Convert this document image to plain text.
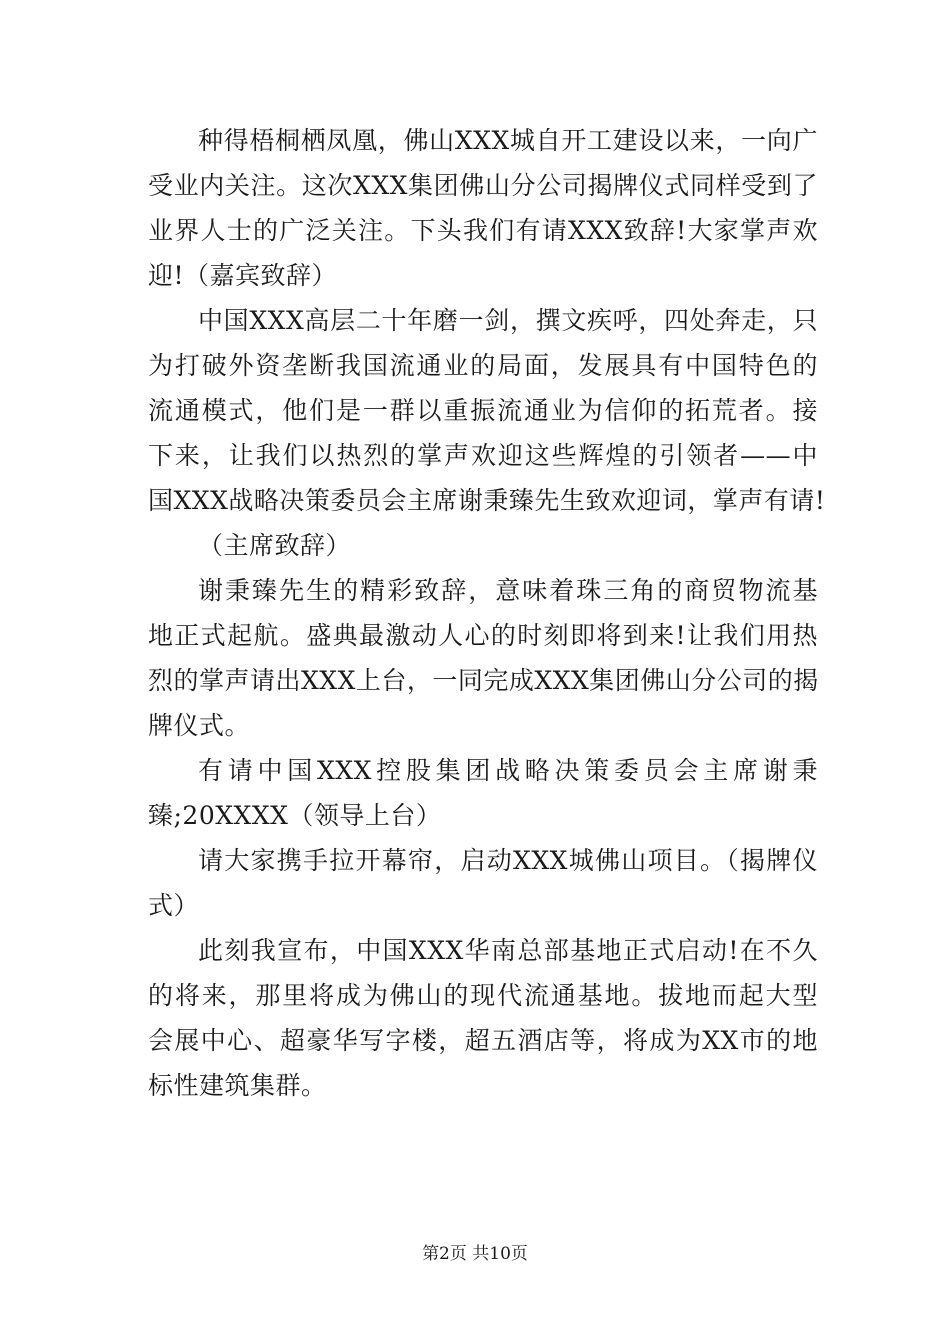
种得梧桐栖凤凰，佛山XXX城自开工建设以来，一向广
受业内关注。这次XXX集团佛山分公司揭牌仪式同样受到了
业界人士的广泛关注。下头我们有请XXX致辞!大家掌声欢
迎!（嘉宾致辞）
中国XXX高层二十年磨一剑，撰文疾呼，四处奔走，只
为打破外资垄断我国流通业的局面，发展具有中国特色的
流通模式，他们是一群以重振流通业为信仰的拓荒者。接
下来，让我们以热烈的掌声欢迎这些辉煌的引领者——中
国XXX战略决策委员会主席谢秉臻先生致欢迎词，掌声有请!
（主席致辞）
谢秉臻先生的精彩致辞，意味着珠三角的商贸物流基
地正式起航。盛典最激动人心的时刻即将到来!让我们用热
烈的掌声请出XXX上台，一同完成XXX集团佛山分公司的揭
牌仪式。
有请中国XXX控股集团战略决策委员会主席谢秉
臻;20XXXX（领导上台）
请大家携手拉开幕帘，启动XXX城佛山项目。（揭牌仪
式）
此刻我宣布，中国XXX华南总部基地正式启动!在不久
的将来，那里将成为佛山的现代流通基地。拔地而起大型
会展中心、超豪华写字楼，超五酒店等，将成为XX市的地
标性建筑集群。
第2页 共10页
